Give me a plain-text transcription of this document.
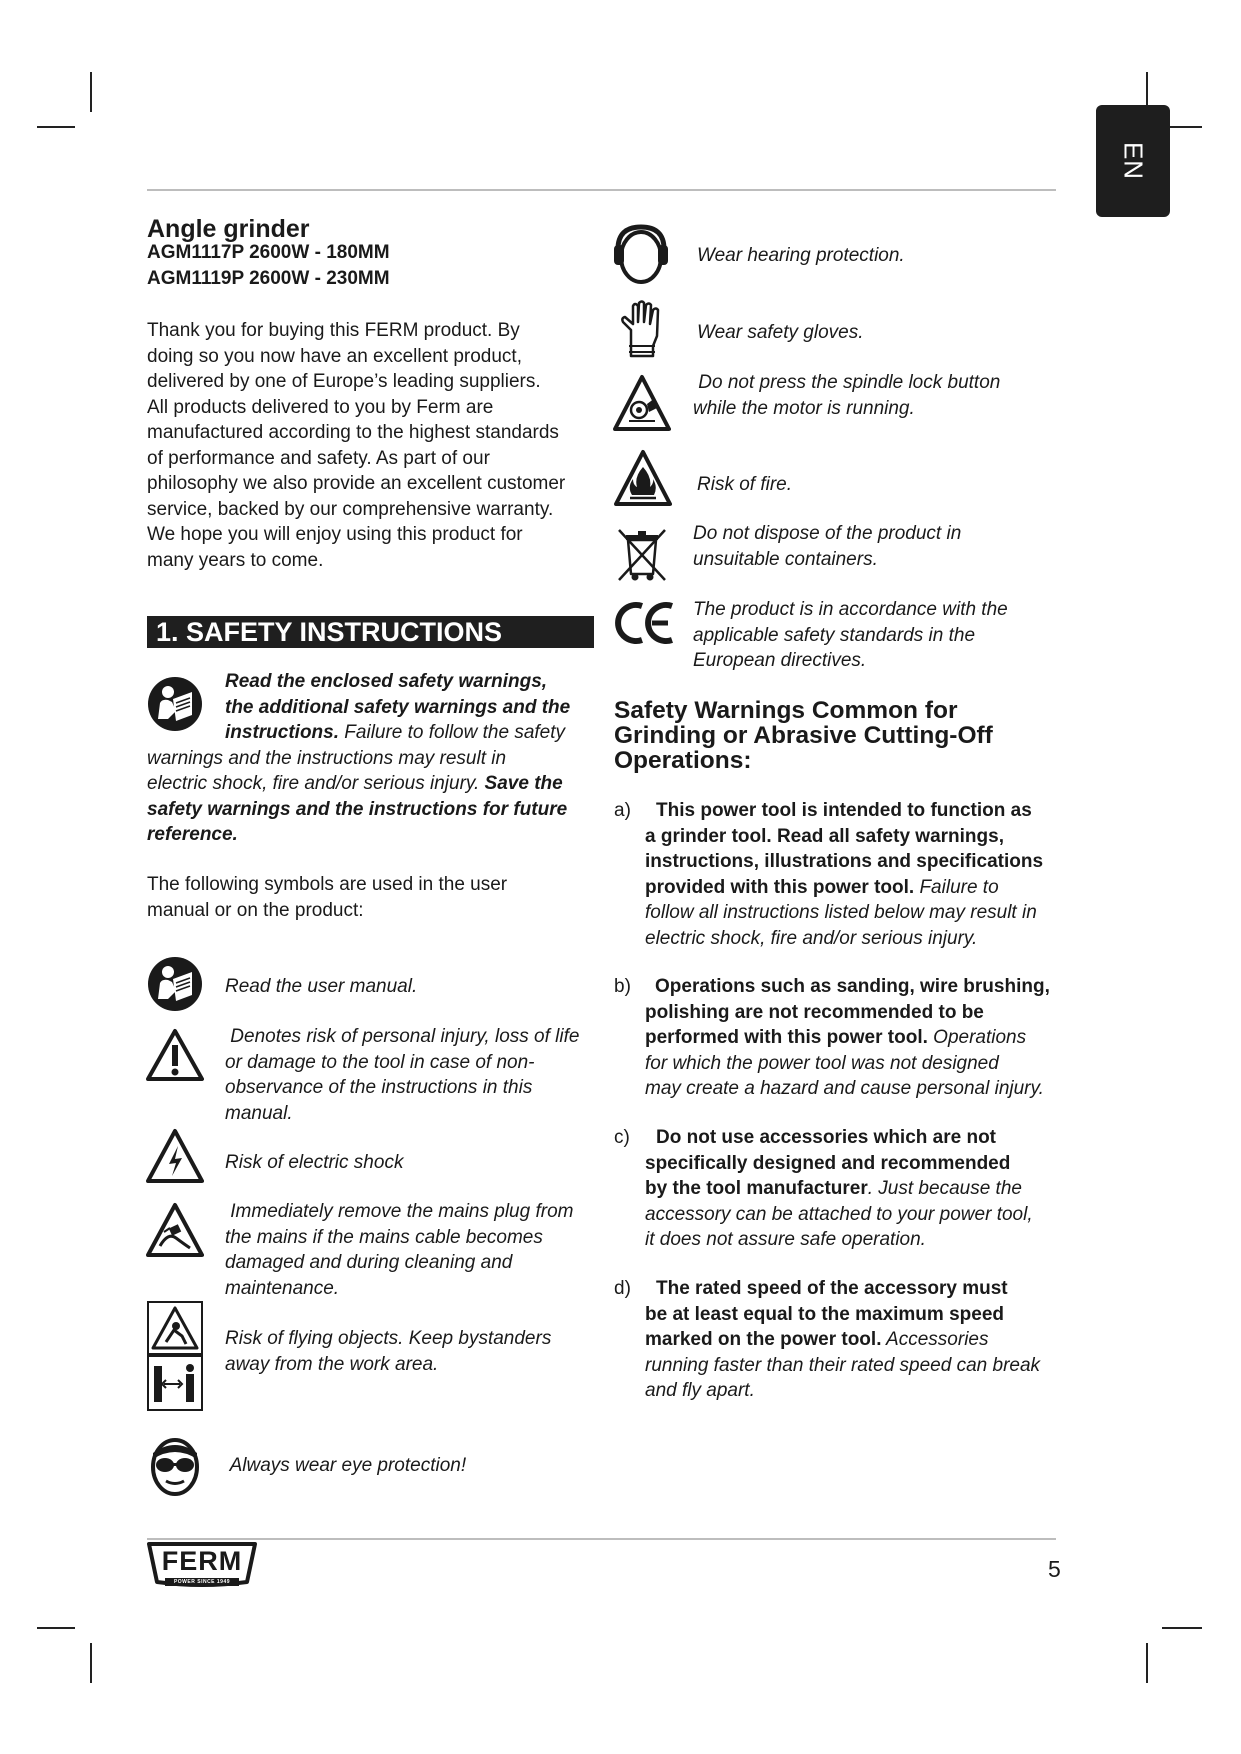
EN
Angle grinder
AGM1117P 2600W - 180MM
AGM1119P 2600W - 230MM
Thank you for buying this FERM product. By
doing so you now have an excellent product,
delivered by one of Europe’s leading suppliers.
All products delivered to you by Ferm are
manufactured according to the highest standards
of performance and safety. As part of our
philosophy we also provide an excellent customer
service, backed by our comprehensive warranty.
We hope you will enjoy using this product for
many years to come.
1. SAFETY INSTRUCTIONS
Read the enclosed safety warnings,
the additional safety warnings and the
instructions. Failure to follow the safety
warnings and the instructions may result in
electric shock, fire and/or serious injury. Save the
safety warnings and the instructions for future
reference.
The following symbols are used in the user
manual or on the product:
Read the user manual.
Denotes risk of personal injury, loss of life
or damage to the tool in case of non-
observance of the instructions in this
manual.
Risk of electric shock
Immediately remove the mains plug from
the mains if the mains cable becomes
damaged and during cleaning and
maintenance.
Risk of flying objects. Keep bystanders
away from the work area.
Always wear eye protection!
Wear hearing protection.
Wear safety gloves.
Do not press the spindle lock button
while the motor is running.
Risk of fire.
Do not dispose of the product in
unsuitable containers.
The product is in accordance with the
applicable safety standards in the
European directives.
Safety Warnings Common for
Grinding or Abrasive Cutting-Off
Operations:
a) This power tool is intended to function as
a grinder tool. Read all safety warnings,
instructions, illustrations and specifications
provided with this power tool. Failure to
follow all instructions listed below may result in
electric shock, fire and/or serious injury.
b) Operations such as sanding, wire brushing,
polishing are not recommended to be
performed with this power tool. Operations
for which the power tool was not designed
may create a hazard and cause personal injury.
c) Do not use accessories which are not
specifically designed and recommended
by the tool manufacturer. Just because the
accessory can be attached to your power tool,
it does not assure safe operation.
d) The rated speed of the accessory must
be at least equal to the maximum speed
marked on the power tool. Accessories
running faster than their rated speed can break
and fly apart.
FERM
POWER SINCE 1949	5
